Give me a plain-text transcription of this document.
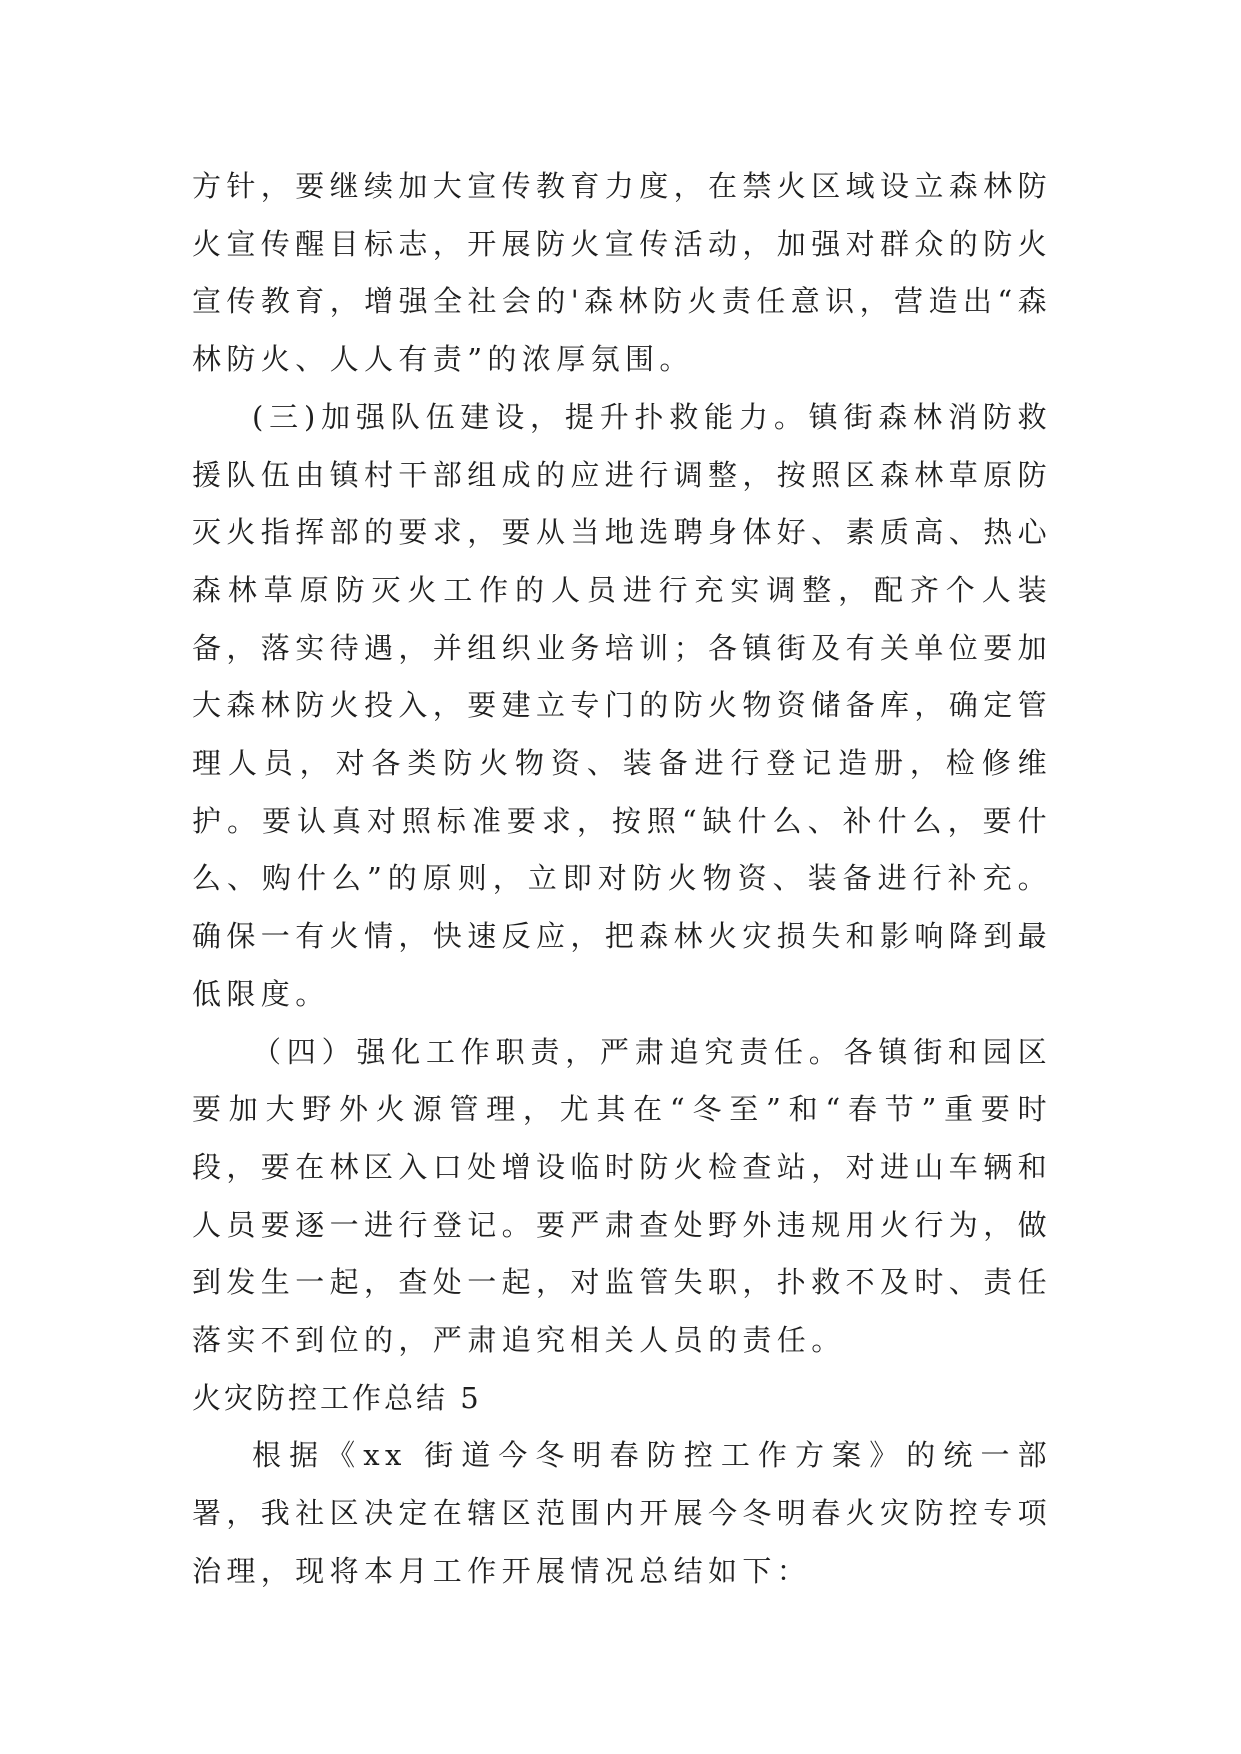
方针，要继续加大宣传教育力度，在禁火区域设立森林防火宣传醒目标志，开展防火宣传活动，加强对群众的防火宣传教育，增强全社会的'森林防火责任意识，营造出“森林防火、人人有责”的浓厚氛围。

(三)加强队伍建设，提升扑救能力。镇街森林消防救援队伍由镇村干部组成的应进行调整，按照区森林草原防灭火指挥部的要求，要从当地选聘身体好、素质高、热心森林草原防灭火工作的人员进行充实调整，配齐个人装备，落实待遇，并组织业务培训；各镇街及有关单位要加大森林防火投入，要建立专门的防火物资储备库，确定管理人员，对各类防火物资、装备进行登记造册，检修维护。要认真对照标准要求，按照“缺什么、补什么，要什么、购什么”的原则，立即对防火物资、装备进行补充。确保一有火情，快速反应，把森林火灾损失和影响降到最低限度。

（四）强化工作职责，严肃追究责任。各镇街和园区要加大野外火源管理，尤其在“冬至”和“春节”重要时段，要在林区入口处增设临时防火检查站，对进山车辆和人员要逐一进行登记。要严肃查处野外违规用火行为，做到发生一起，查处一起，对监管失职，扑救不及时、责任落实不到位的，严肃追究相关人员的责任。

火灾防控工作总结 5

根据《xx 街道今冬明春防控工作方案》的统一部署，我社区决定在辖区范围内开展今冬明春火灾防控专项治理，现将本月工作开展情况总结如下：
